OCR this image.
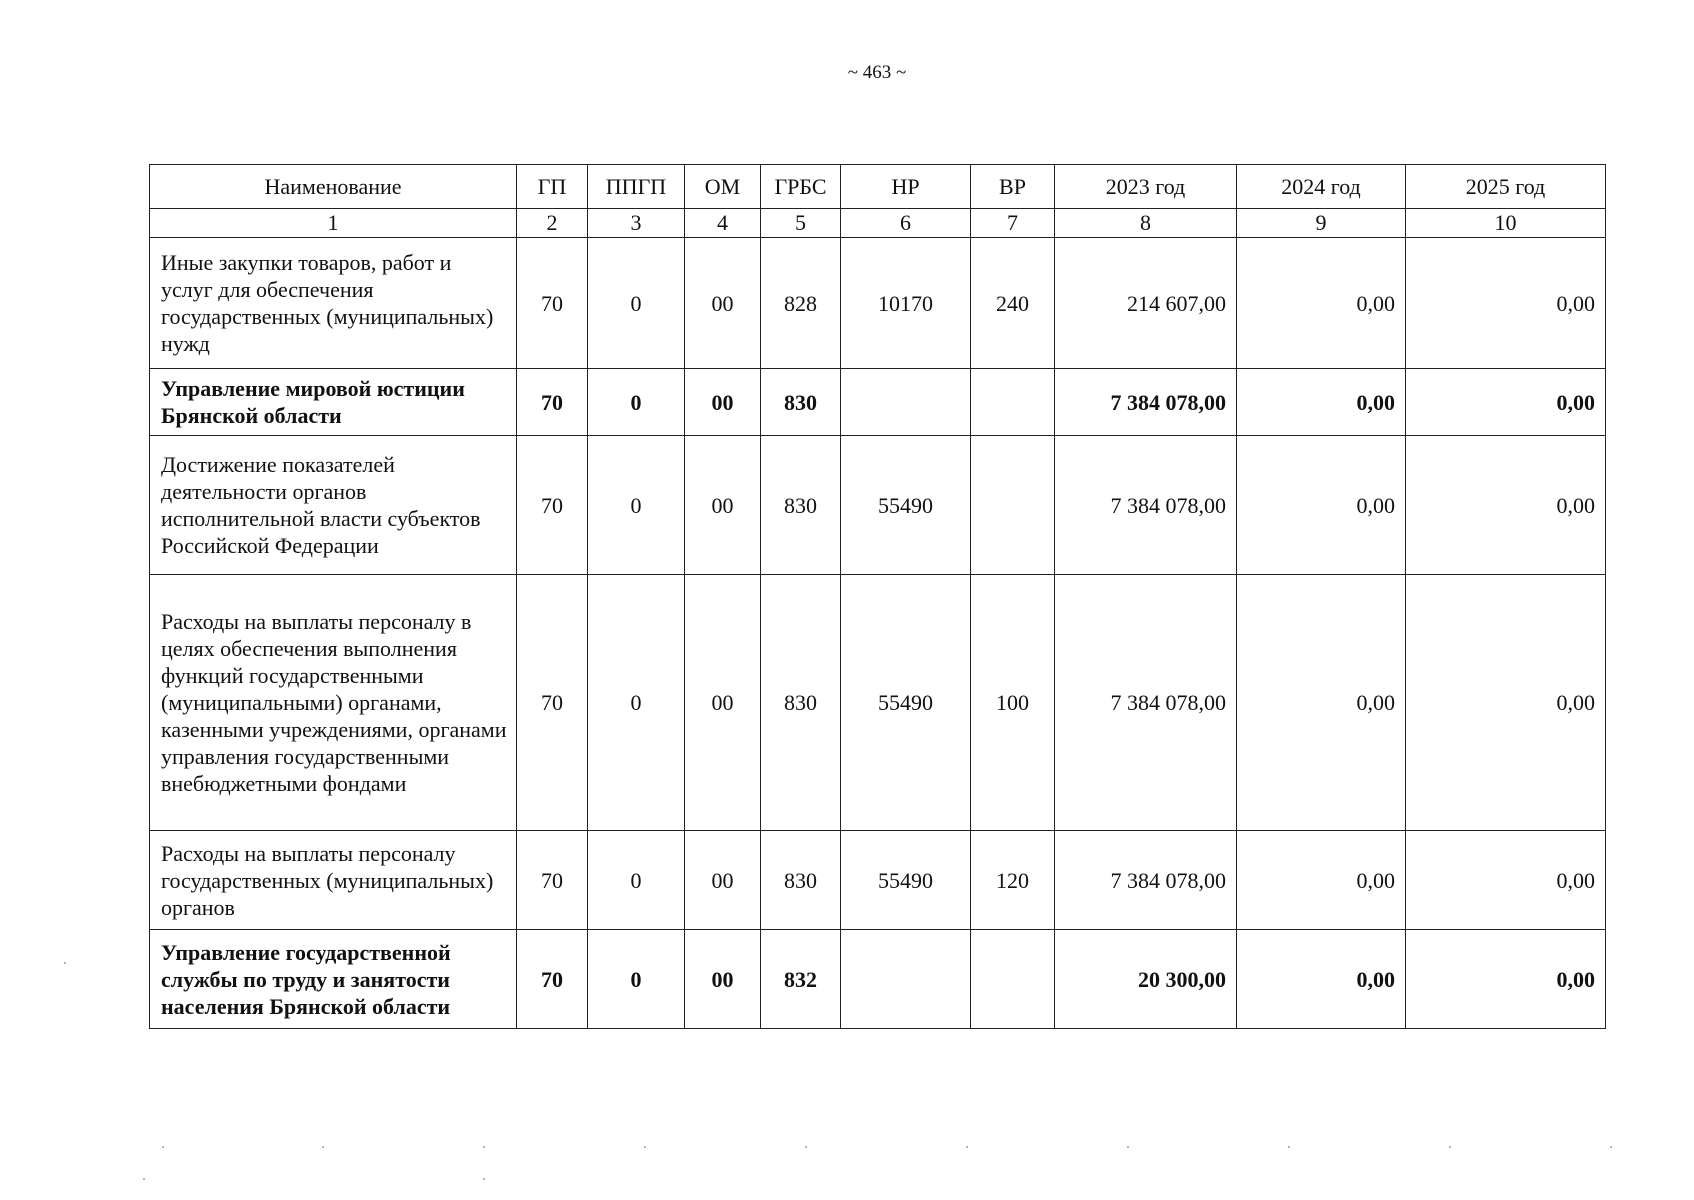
~ 463 ~
Наименование	ГП	ППГП	ОМ	ГРБС	НР	ВР	2023 год	2024 год	2025 год
1	2	3	4	5	6	7	8	9	10
Иные закупки товаров, работ и услуг для обеспечения государственных (муниципальных) нужд	70	0	00	828	10170	240	214 607,00	0,00	0,00
Управление мировой юстиции Брянской области	70	0	00	830			7 384 078,00	0,00	0,00
Достижение показателей деятельности органов исполнительной власти субъектов Российской Федерации	70	0	00	830	55490		7 384 078,00	0,00	0,00
Расходы на выплаты персоналу в целях обеспечения выполнения функций государственными (муниципальными) органами, казенными учреждениями, органами управления государственными внебюджетными фондами	70	0	00	830	55490	100	7 384 078,00	0,00	0,00
Расходы на выплаты персоналу государственных (муниципальных) органов	70	0	00	830	55490	120	7 384 078,00	0,00	0,00
Управление государственной службы по труду и занятости населения Брянской области	70	0	00	832			20 300,00	0,00	0,00
